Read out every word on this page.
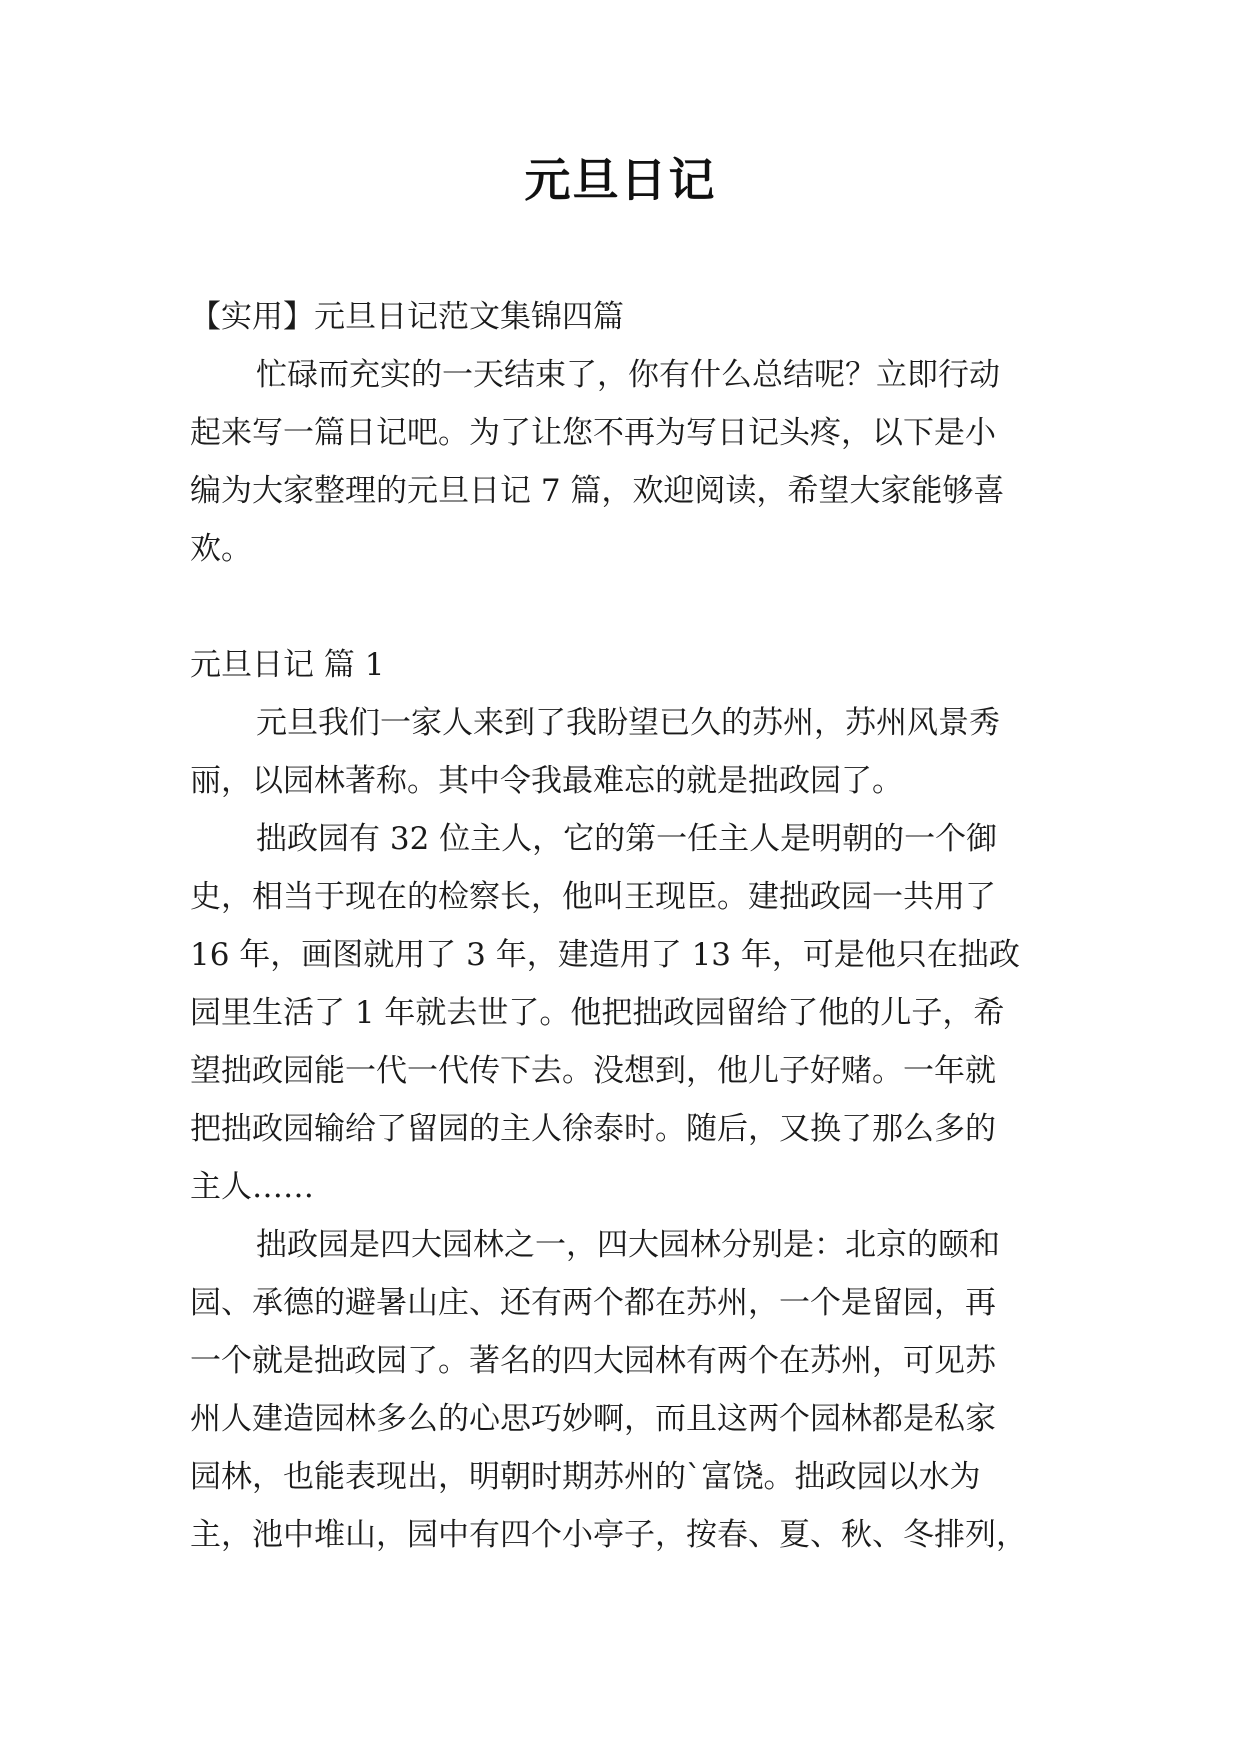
元旦日记
【实用】元旦日记范文集锦四篇
忙碌而充实的一天结束了，你有什么总结呢？立即行动
起来写一篇日记吧。为了让您不再为写日记头疼，以下是小
编为大家整理的元旦日记 7 篇，欢迎阅读，希望大家能够喜
欢。
元旦日记 篇 1
元旦我们一家人来到了我盼望已久的苏州，苏州风景秀
丽，以园林著称。其中令我最难忘的就是拙政园了。
拙政园有 32 位主人，它的第一任主人是明朝的一个御
史，相当于现在的检察长，他叫王现臣。建拙政园一共用了
16 年，画图就用了 3 年，建造用了 13 年，可是他只在拙政
园里生活了 1 年就去世了。他把拙政园留给了他的儿子，希
望拙政园能一代一代传下去。没想到，他儿子好赌。一年就
把拙政园输给了留园的主人徐泰时。随后，又换了那么多的
主人……
拙政园是四大园林之一，四大园林分别是：北京的颐和
园、承德的避暑山庄、还有两个都在苏州，一个是留园，再
一个就是拙政园了。著名的四大园林有两个在苏州，可见苏
州人建造园林多么的心思巧妙啊，而且这两个园林都是私家
园林，也能表现出，明朝时期苏州的`富饶。拙政园以水为
主，池中堆山，园中有四个小亭子，按春、夏、秋、冬排列，
